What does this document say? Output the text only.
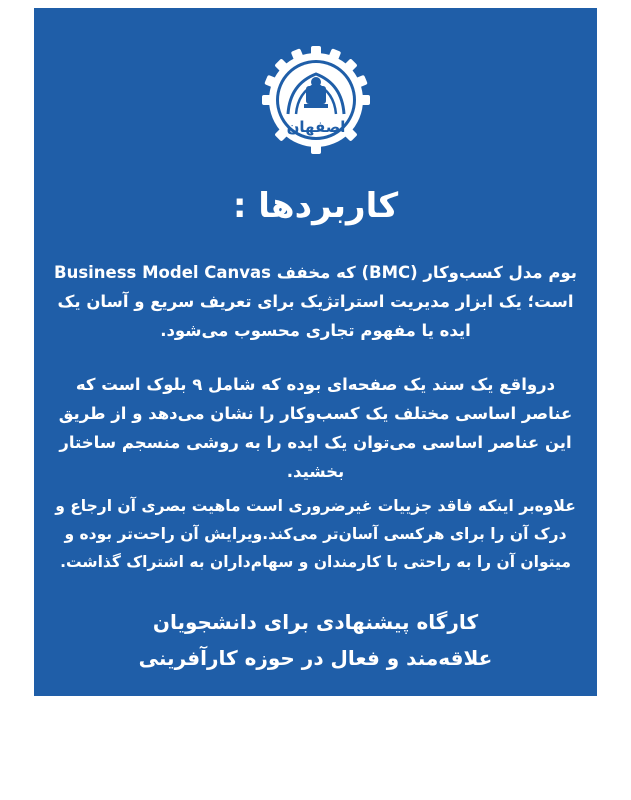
اصفهان
کاربردها :

بوم مدل کسب‌وکار (BMC) که مخفف Business Model Canvas است؛ یک ابزار مدیریت استراتژیک برای تعریف سریع و آسان یک ایده یا مفهوم تجاری محسوب می‌شود.

درواقع یک سند یک صفحه‌ای بوده که شامل ۹ بلوک است که عناصر اساسی مختلف یک کسب‌وکار را نشان می‌دهد و از طریق این عناصر اساسی می‌توان یک ایده را به روشی منسجم ساختار بخشید.

علاوه‌بر اینکه فاقد جزییات غیرضروری است ماهیت بصری آن ارجاع و درک آن را برای هرکسی آسان‌تر می‌کند.ویرایش آن راحت‌تر بوده و میتوان آن را به راحتی با کارمندان و سهام‌داران به اشتراک گذاشت.

کارگاه پیشنهادی برای دانشجویان
علاقه‌مند و فعال در حوزه کارآفرینی
